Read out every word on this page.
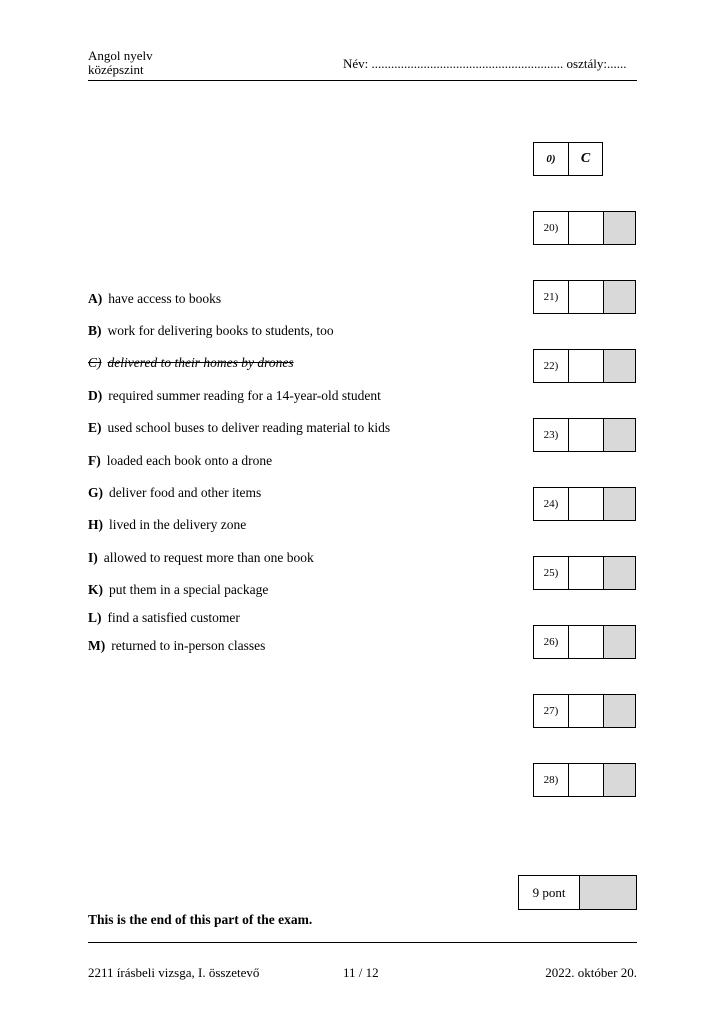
Angol nyelv
középszint	Név: ........................................................... osztály:......
0)	C
20)
21)
22)
23)
24)
25)
26)
27)
28)
A) have access to books
B) work for delivering books to students, too
C) delivered to their homes by drones
D) required summer reading for a 14-year-old student
E) used school buses to deliver reading material to kids
F) loaded each book onto a drone
G) deliver food and other items
H) lived in the delivery zone
I) allowed to request more than one book
K) put them in a special package
L) find a satisfied customer
M) returned to in-person classes
9 pont
This is the end of this part of the exam.
2211 írásbeli vizsga, I. összetevő	11 / 12	2022. október 20.
